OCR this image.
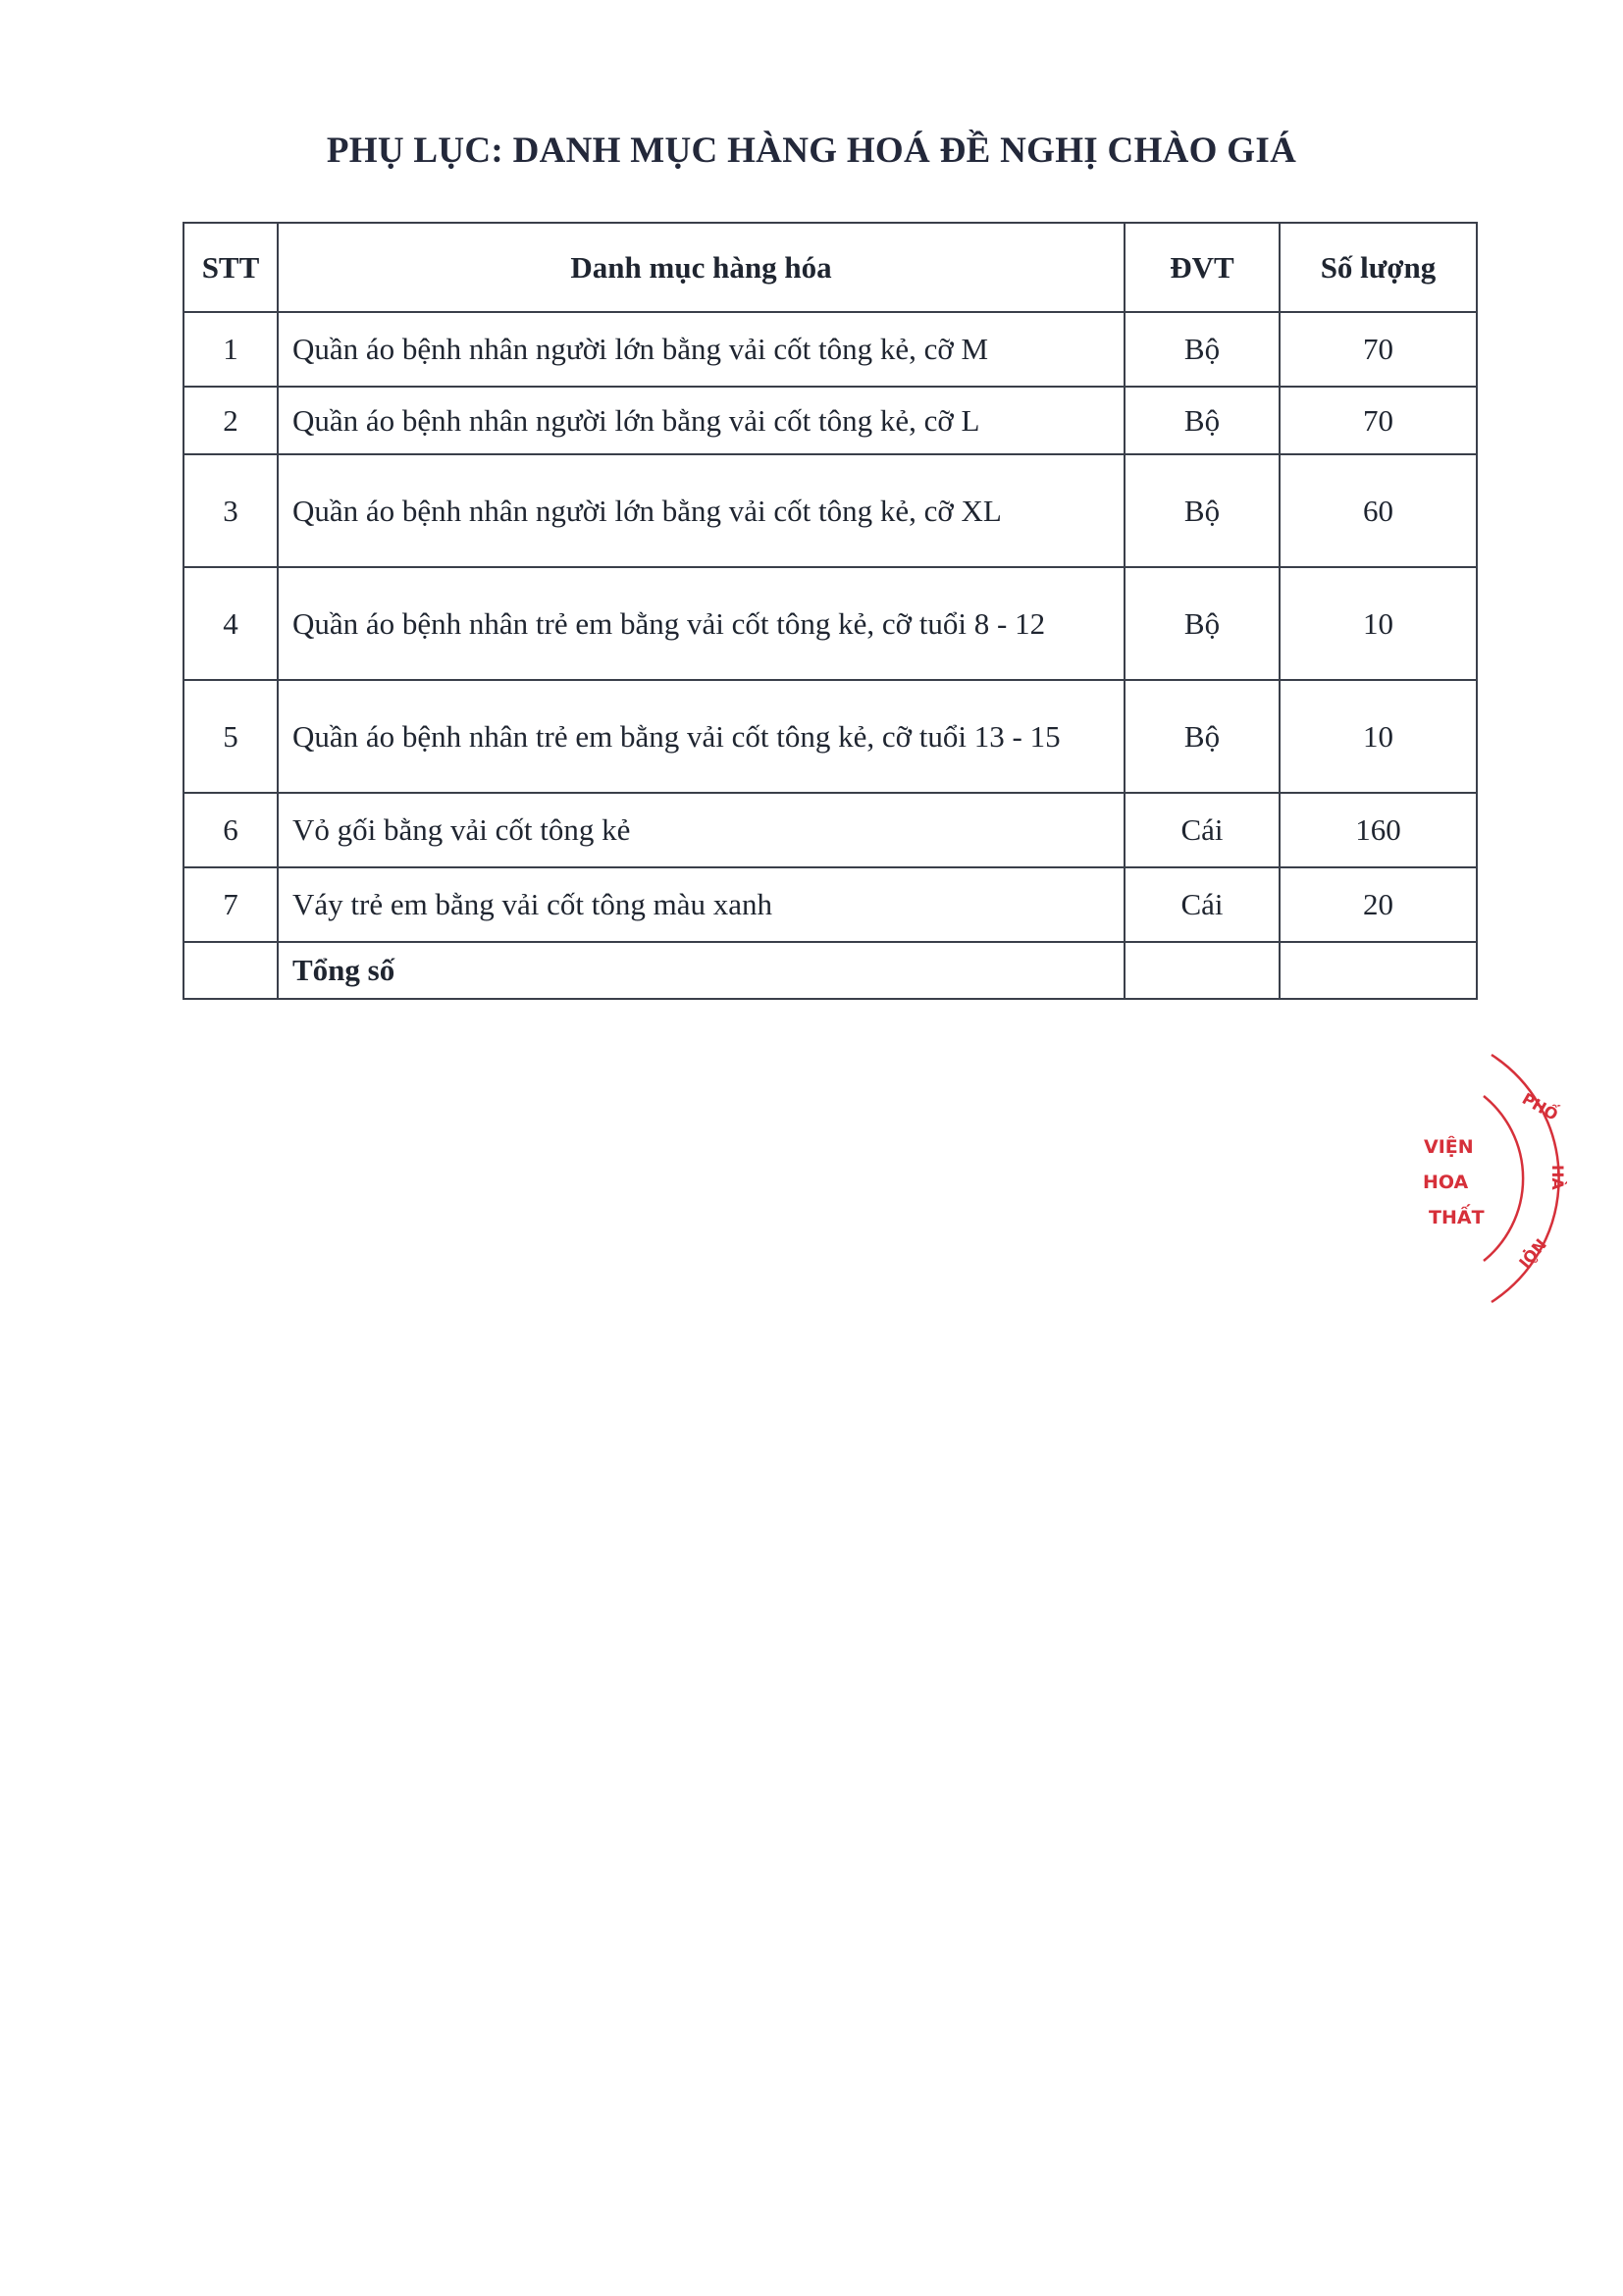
PHỤ LỤC: DANH MỤC HÀNG HOÁ ĐỀ NGHỊ CHÀO GIÁ
STT	Danh mục hàng hóa	ĐVT	Số lượng
1	Quần áo bệnh nhân người lớn bằng vải cốt tông kẻ, cỡ M	Bộ	70
2	Quần áo bệnh nhân người lớn bằng vải cốt tông kẻ, cỡ L	Bộ	70
3	Quần áo bệnh nhân người lớn bằng vải cốt tông kẻ, cỡ XL	Bộ	60
4	Quần áo bệnh nhân trẻ em bằng vải cốt tông kẻ, cỡ tuổi 8 - 12	Bộ	10
5	Quần áo bệnh nhân trẻ em bằng vải cốt tông kẻ, cỡ tuổi 13 - 15	Bộ	10
6	Vỏ gối bằng vải cốt tông kẻ	Cái	160
7	Váy trẻ em bằng vải cốt tông màu xanh	Cái	20
	Tổng số		
VIỆN
HOA
THẤT
PHỐ
HÀ
NỘI
